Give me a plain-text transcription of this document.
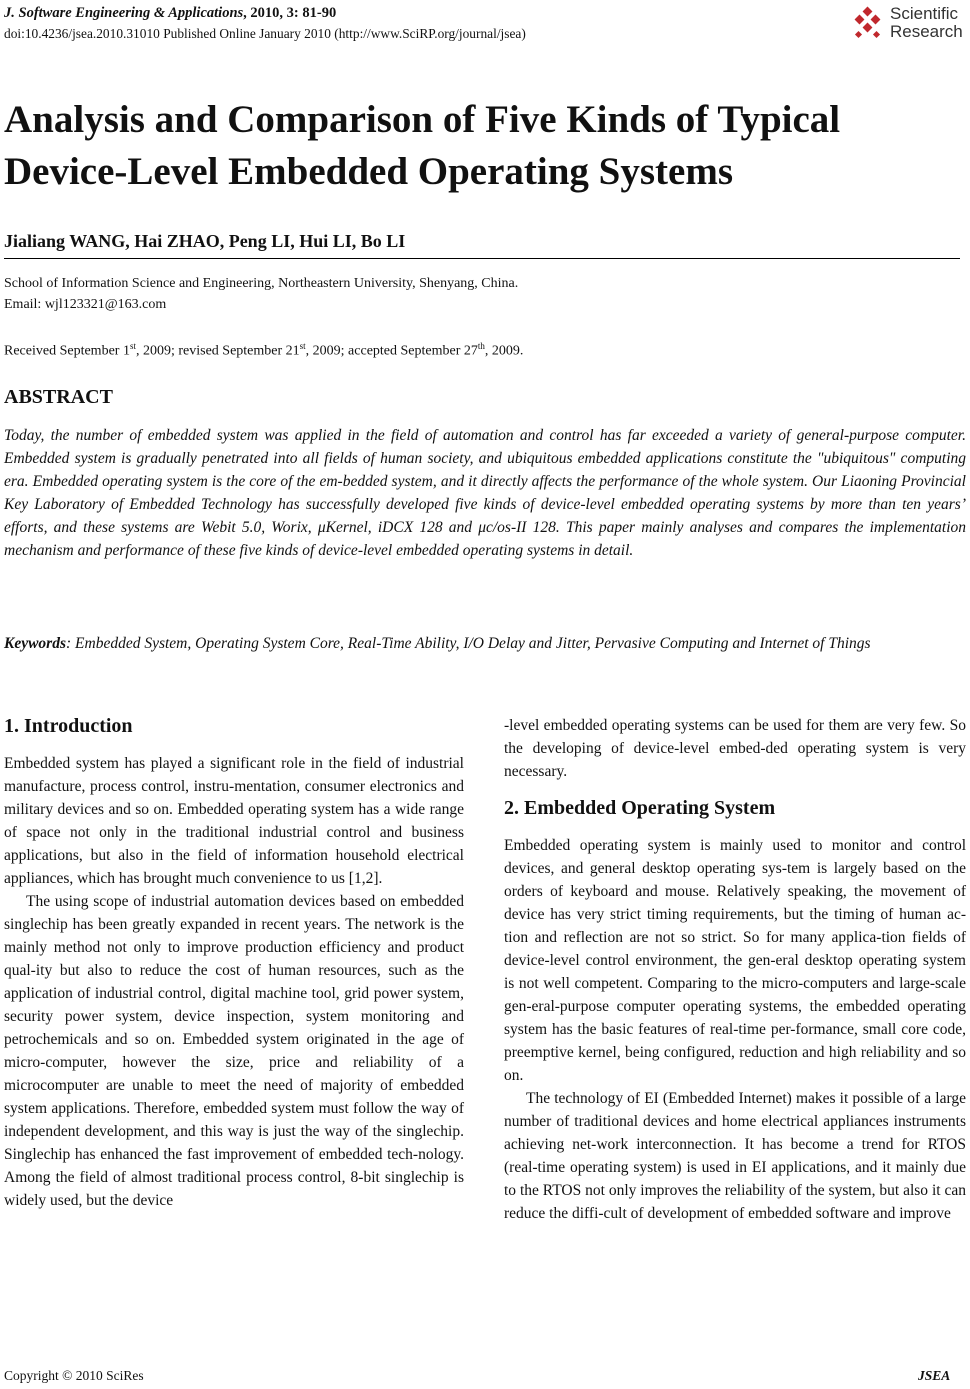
J. Software Engineering & Applications, 2010, 3: 81-90
doi:10.4236/jsea.2010.31010 Published Online January 2010 (http://www.SciRP.org/journal/jsea)
Scientific
Research
Analysis and Comparison of Five Kinds of Typical
Device-Level Embedded Operating Systems
Jialiang WANG, Hai ZHAO, Peng LI, Hui LI, Bo LI
School of Information Science and Engineering, Northeastern University, Shenyang, China.
Email: wjl123321@163.com
Received September 1st, 2009; revised September 21st, 2009; accepted September 27th, 2009.
ABSTRACT
Today, the number of embedded system was applied in the field of automation and control has far exceeded a variety of general-purpose computer. Embedded system is gradually penetrated into all fields of human society, and ubiquitous embedded applications constitute the "ubiquitous" computing era. Embedded operating system is the core of the em-bedded system, and it directly affects the performance of the whole system. Our Liaoning Provincial Key Laboratory of Embedded Technology has successfully developed five kinds of device-level embedded operating systems by more than ten years’ efforts, and these systems are Webit 5.0, Worix, μKernel, iDCX 128 and μc/os-II 128. This paper mainly analyses and compares the implementation mechanism and performance of these five kinds of device-level embedded operating systems in detail.
Keywords: Embedded System, Operating System Core, Real-Time Ability, I/O Delay and Jitter, Pervasive Computing and Internet of Things
1. Introduction

Embedded system has played a significant role in the field of industrial manufacture, process control, instru-mentation, consumer electronics and military devices and so on. Embedded operating system has a wide range of space not only in the traditional industrial control and business applications, but also in the field of information household electrical appliances, which has brought much convenience to us [1,2].

The using scope of industrial automation devices based on embedded singlechip has been greatly expanded in recent years. The network is the mainly method not only to improve production efficiency and product qual-ity but also to reduce the cost of human resources, such as the application of industrial control, digital machine tool, grid power system, security power system, device inspection, system monitoring and petrochemicals and so on. Embedded system originated in the age of micro-computer, however the size, price and reliability of a microcomputer are unable to meet the need of majority of embedded system applications. Therefore, embedded system must follow the way of independent development, and this way is just the way of the singlechip. Singlechip has enhanced the fast improvement of embedded tech-nology. Among the field of almost traditional process control, 8-bit singlechip is widely used, but the device

-level embedded operating systems can be used for them are very few. So the developing of device-level embed-ded operating system is very necessary.

2. Embedded Operating System

Embedded operating system is mainly used to monitor and control devices, and general desktop operating sys-tem is largely based on the orders of keyboard and mouse. Relatively speaking, the movement of device has very strict timing requirements, but the timing of human ac-tion and reflection are not so strict. So for many applica-tion fields of device-level control environment, the gen-eral desktop operating system is not well competent. Comparing to the micro-computers and large-scale gen-eral-purpose computer operating systems, the embedded operating system has the basic features of real-time per-formance, small core code, preemptive kernel, being configured, reduction and high reliability and so on.

The technology of EI (Embedded Internet) makes it possible of a large number of traditional devices and home electrical appliances instruments achieving net-work interconnection. It has become a trend for RTOS (real-time operating system) is used in EI applications, and it mainly due to the RTOS not only improves the reliability of the system, but also it can reduce the diffi-cult of development of embedded software and improve

Copyright © 2010 SciRes	JSEA
